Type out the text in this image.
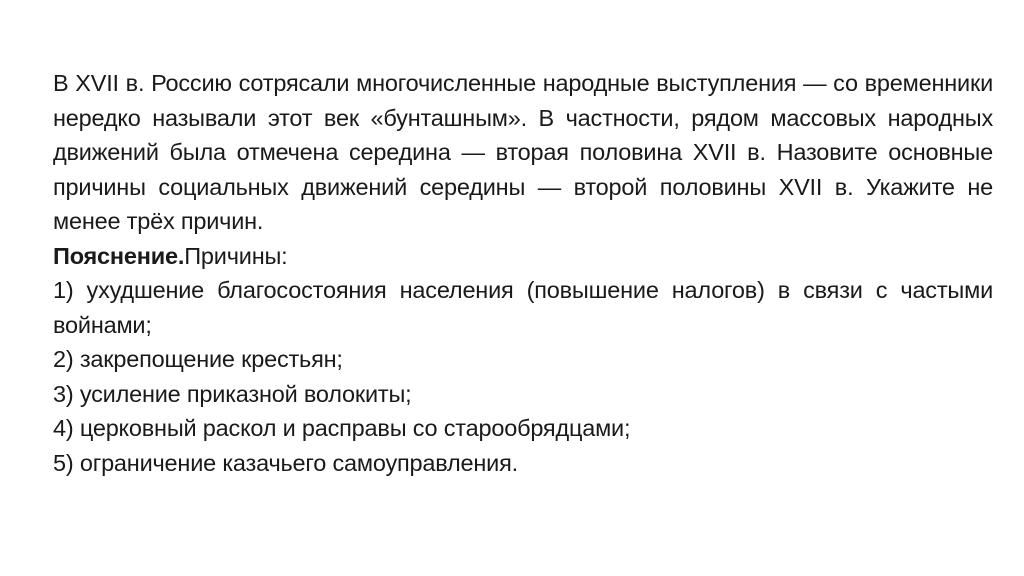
В XVII в. Россию сотрясали многочисленные народные выступления — со временники нередко называли этот век «бунташным». В частности, рядом массовых народных движений была отмечена середина — вторая половина XVII в. Назовите основные причины социальных движений середины — второй половины XVII в. Укажите не менее трёх причин.

Пояснение.Причины:

1) ухудшение благосостояния населения (повышение налогов) в связи с частыми войнами;
2) закрепощение крестьян;
3) усиление приказной волокиты;
4) церковный раскол и расправы со старообрядцами;
5) ограничение казачьего самоуправления.
